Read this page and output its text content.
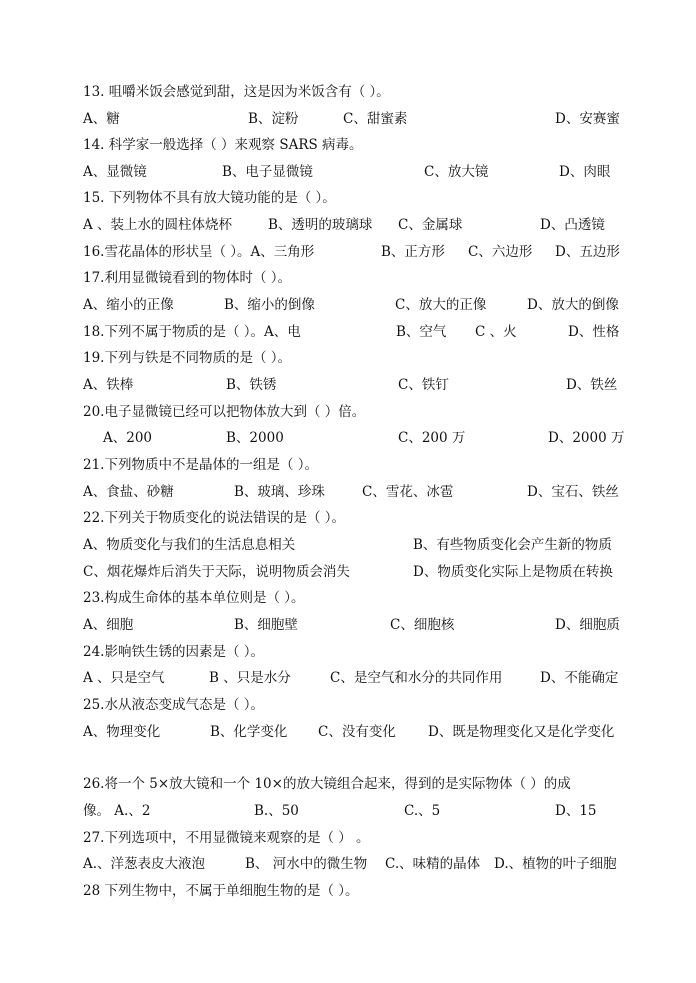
13. 咀嚼米饭会感觉到甜，这是因为米饭含有（ ）。
A、糖	B、淀粉	C、甜蜜素	D、安赛蜜
14. 科学家一般选择（ ）来观察 SARS 病毒。
A、显微镜	B、电子显微镜	C、放大镜	D、肉眼
15. 下列物体不具有放大镜功能的是（ ）。
A 、装上水的圆柱体烧杯	B、透明的玻璃球 C、金属球	D、凸透镜
16.雪花晶体的形状呈（ ）。A、三角形	B、正方形 C、六边形 D、五边形
17.利用显微镜看到的物体时（ ）。
A、缩小的正像	B、缩小的倒像	C、放大的正像	D、放大的倒像
18.下列不属于物质的是（ ）。A、电	B、空气 C 、火	D、性格
19.下列与铁是不同物质的是（ ）。
A、铁棒	B、铁锈	C、铁钉	D、铁丝
20.电子显微镜已经可以把物体放大到（ ）倍。
A、200	B、2000	C、200 万	D、2000 万
21.下列物质中不是晶体的一组是（ ）。
A、食盐、砂糖	B、玻璃、珍珠	C、雪花、冰雹	D、宝石、铁丝
22.下列关于物质变化的说法错误的是（ ）。
A、物质变化与我们的生活息息相关	B、有些物质变化会产生新的物质
C、烟花爆炸后消失于天际，说明物质会消失	D、物质变化实际上是物质在转换
23.构成生命体的基本单位则是（ ）。
A、细胞	B、细胞壁	C、细胞核	D、细胞质
24.影响铁生锈的因素是（ ）。
A 、只是空气	B 、只是水分	C、是空气和水分的共同作用	D、不能确定
25.水从液态变成气态是（ ）。
A、物理变化	B、化学变化 C、没有变化 D、既是物理变化又是化学变化
26.将一个 5×放大镜和一个 10×的放大镜组合起来，得到的是实际物体（ ）的成
像。 A.、2	B.、50	C.、5	D、15
27.下列选项中，不用显微镜来观察的是（ ） 。
A.、洋葱表皮大液泡	B、 河水中的微生物 C.、味精的晶体 D.、植物的叶子细胞
28 下列生物中，不属于单细胞生物的是（ ）。
